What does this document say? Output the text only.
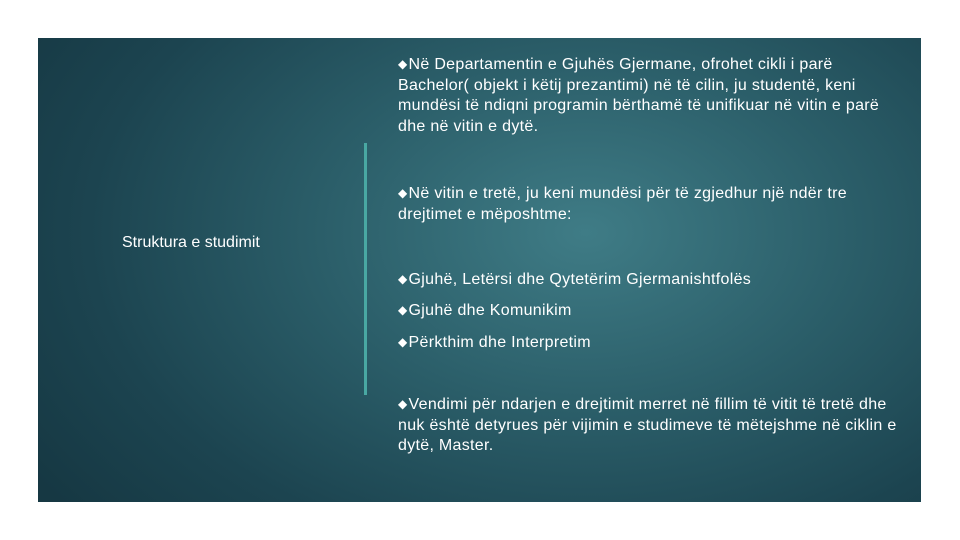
Struktura e studimit
◆Në Departamentin e Gjuhës Gjermane, ofrohet cikli i parë Bachelor( objekt i këtij prezantimi) në të cilin, ju studentë, keni mundësi të ndiqni programin bërthamë të unifikuar në vitin e parë dhe në vitin e dytë.
◆Në vitin e tretë, ju keni mundësi për të zgjedhur një ndër tre drejtimet e mëposhtme:
◆Gjuhë, Letërsi dhe Qytetërim Gjermanishtfolës
◆Gjuhë dhe Komunikim
◆Përkthim dhe Interpretim
◆Vendimi për ndarjen e drejtimit merret në fillim të vitit të tretë dhe nuk është detyrues për vijimin e studimeve të mëtejshme në ciklin e dytë, Master.
